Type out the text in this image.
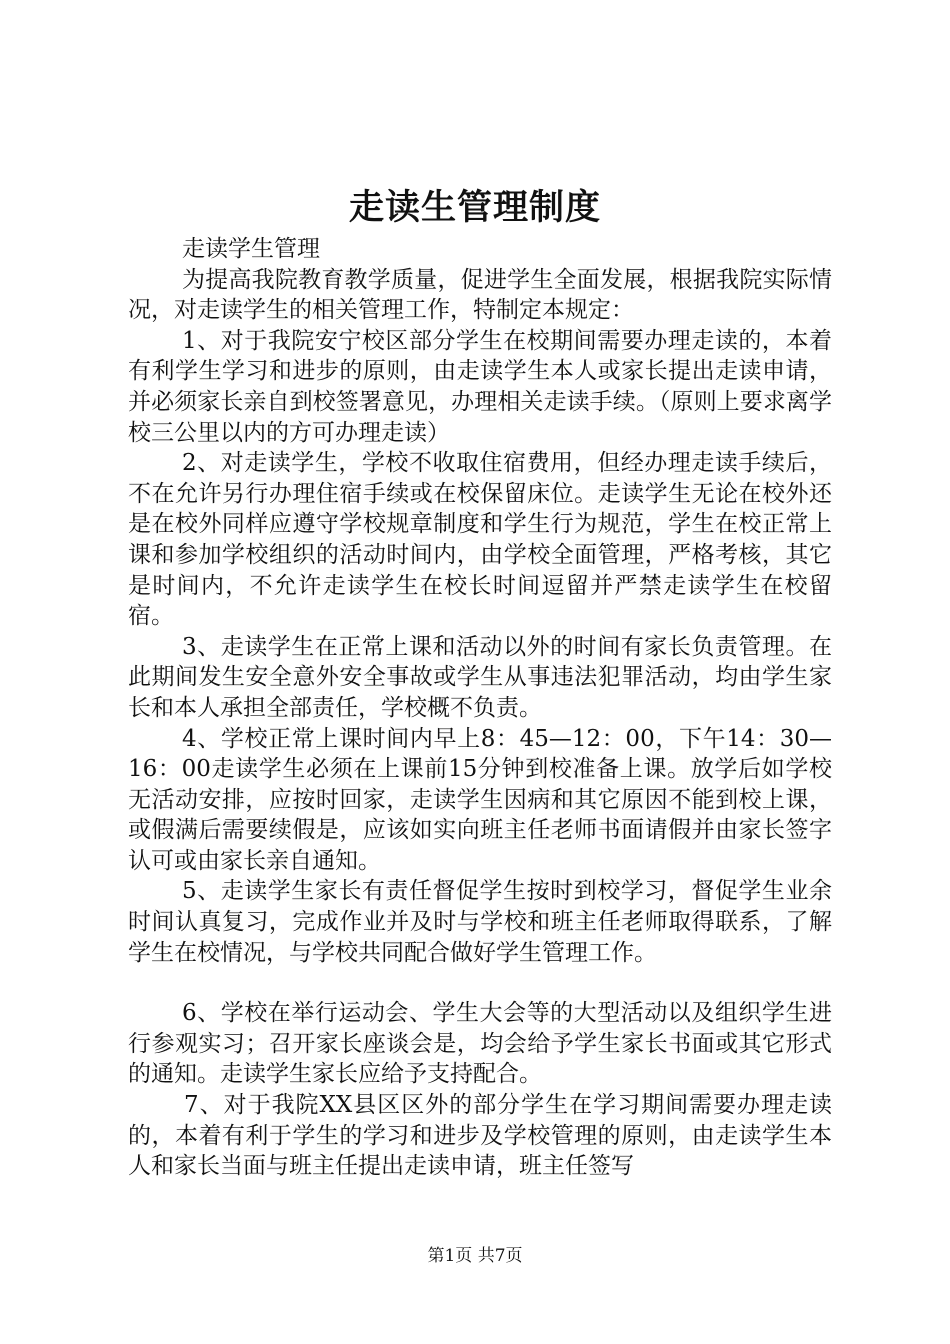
走读生管理制度

走读学生管理

为提高我院教育教学质量，促进学生全面发展，根据我院实际情况，对走读学生的相关管理工作，特制定本规定：

1、对于我院安宁校区部分学生在校期间需要办理走读的，本着有利学生学习和进步的原则，由走读学生本人或家长提出走读申请，并必须家长亲自到校签署意见，办理相关走读手续。（原则上要求离学校三公里以内的方可办理走读）

2、对走读学生，学校不收取住宿费用，但经办理走读手续后，不在允许另行办理住宿手续或在校保留床位。走读学生无论在校外还是在校外同样应遵守学校规章制度和学生行为规范，学生在校正常上课和参加学校组织的活动时间内，由学校全面管理，严格考核，其它是时间内，不允许走读学生在校长时间逗留并严禁走读学生在校留宿。

3、走读学生在正常上课和活动以外的时间有家长负责管理。在此期间发生安全意外安全事故或学生从事违法犯罪活动，均由学生家长和本人承担全部责任，学校概不负责。

4、学校正常上课时间内早上8：45—12：00，下午14：30—16：00走读学生必须在上课前15分钟到校准备上课。放学后如学校无活动安排，应按时回家，走读学生因病和其它原因不能到校上课，或假满后需要续假是，应该如实向班主任老师书面请假并由家长签字认可或由家长亲自通知。

5、走读学生家长有责任督促学生按时到校学习，督促学生业余时间认真复习，完成作业并及时与学校和班主任老师取得联系，了解学生在校情况，与学校共同配合做好学生管理工作。

6、学校在举行运动会、学生大会等的大型活动以及组织学生进行参观实习；召开家长座谈会是，均会给予学生家长书面或其它形式的通知。走读学生家长应给予支持配合。

7、对于我院XX县区区外的部分学生在学习期间需要办理走读的，本着有利于学生的学习和进步及学校管理的原则，由走读学生本人和家长当面与班主任提出走读申请，班主任签写

第1页 共7页
